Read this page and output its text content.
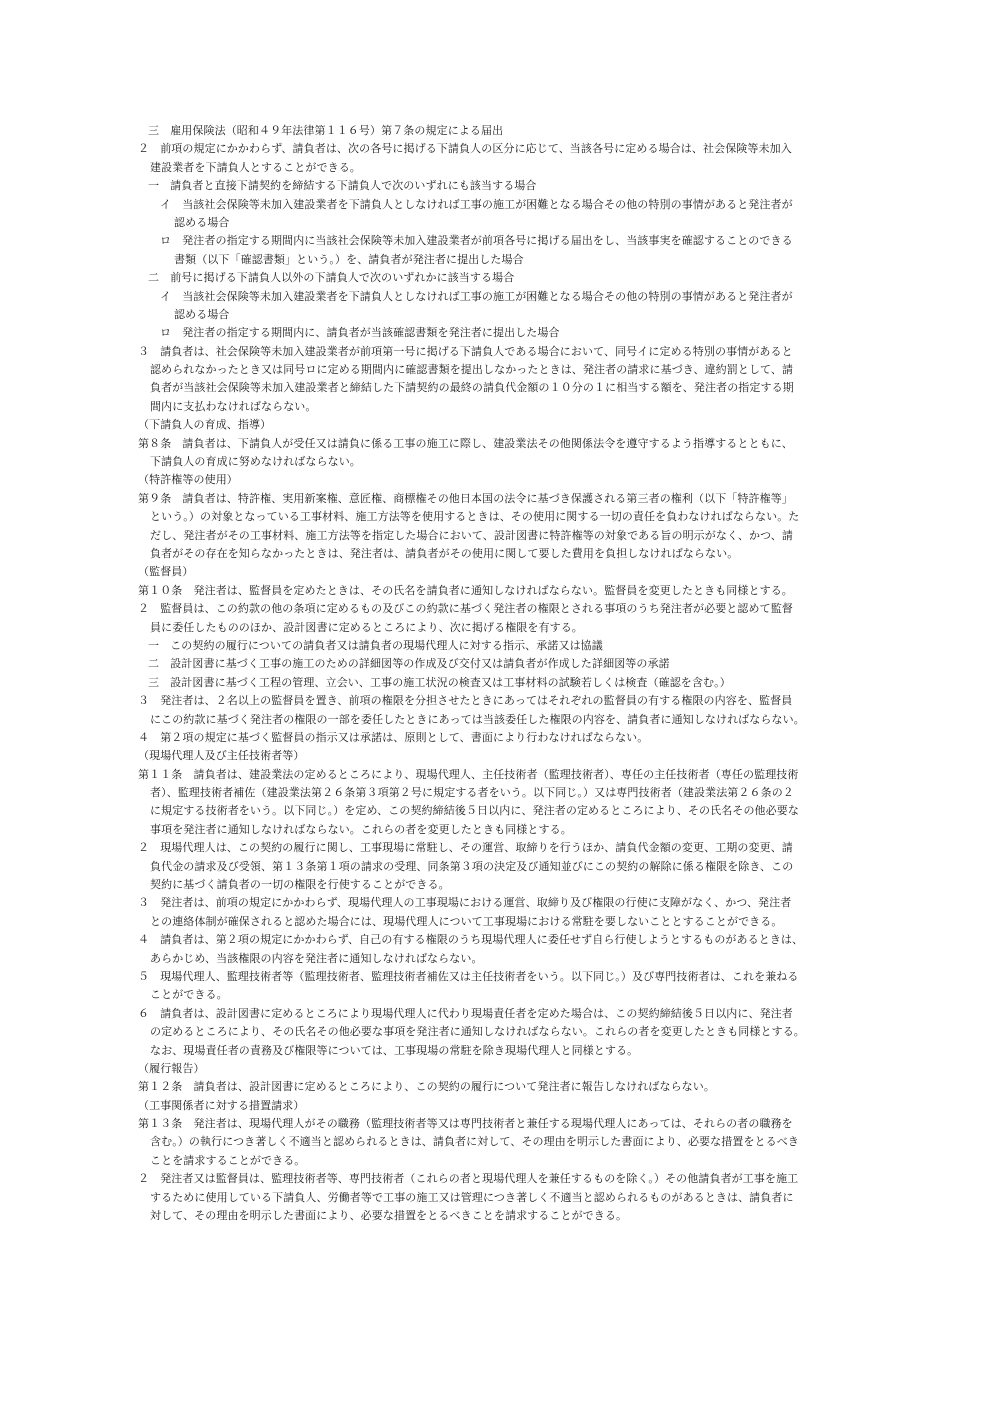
三　雇用保険法（昭和４９年法律第１１６号）第７条の規定による届出
２　前項の規定にかかわらず、請負者は、次の各号に掲げる下請負人の区分に応じて、当該各号に定める場合は、社会保険等未加入
建設業者を下請負人とすることができる。
一　請負者と直接下請契約を締結する下請負人で次のいずれにも該当する場合
イ　当該社会保険等未加入建設業者を下請負人としなければ工事の施工が困難となる場合その他の特別の事情があると発注者が
認める場合
ロ　発注者の指定する期間内に当該社会保険等未加入建設業者が前項各号に掲げる届出をし、当該事実を確認することのできる
書類（以下「確認書類」という。）を、請負者が発注者に提出した場合
二　前号に掲げる下請負人以外の下請負人で次のいずれかに該当する場合
イ　当該社会保険等未加入建設業者を下請負人としなければ工事の施工が困難となる場合その他の特別の事情があると発注者が
認める場合
ロ　発注者の指定する期間内に、請負者が当該確認書類を発注者に提出した場合
３　請負者は、社会保険等未加入建設業者が前項第一号に掲げる下請負人である場合において、同号イに定める特別の事情があると
認められなかったとき又は同号ロに定める期間内に確認書類を提出しなかったときは、発注者の請求に基づき、違約罰として、請
負者が当該社会保険等未加入建設業者と締結した下請契約の最終の請負代金額の１０分の１に相当する額を、発注者の指定する期
間内に支払わなければならない。
（下請負人の育成、指導）
第８条　請負者は、下請負人が受任又は請負に係る工事の施工に際し、建設業法その他関係法令を遵守するよう指導するとともに、
下請負人の育成に努めなければならない。
（特許権等の使用）
第９条　請負者は、特許権、実用新案権、意匠権、商標権その他日本国の法令に基づき保護される第三者の権利（以下「特許権等」
という。）の対象となっている工事材料、施工方法等を使用するときは、その使用に関する一切の責任を負わなければならない。た
だし、発注者がその工事材料、施工方法等を指定した場合において、設計図書に特許権等の対象である旨の明示がなく、かつ、請
負者がその存在を知らなかったときは、発注者は、請負者がその使用に関して要した費用を負担しなければならない。
（監督員）
第１０条　発注者は、監督員を定めたときは、その氏名を請負者に通知しなければならない。監督員を変更したときも同様とする。
２　監督員は、この約款の他の条項に定めるもの及びこの約款に基づく発注者の権限とされる事項のうち発注者が必要と認めて監督
員に委任したもののほか、設計図書に定めるところにより、次に掲げる権限を有する。
一　この契約の履行についての請負者又は請負者の現場代理人に対する指示、承諾又は協議
二　設計図書に基づく工事の施工のための詳細図等の作成及び交付又は請負者が作成した詳細図等の承諾
三　設計図書に基づく工程の管理、立会い、工事の施工状況の検査又は工事材料の試験若しくは検査（確認を含む。）
３　発注者は、２名以上の監督員を置き、前項の権限を分担させたときにあってはそれぞれの監督員の有する権限の内容を、監督員
にこの約款に基づく発注者の権限の一部を委任したときにあっては当該委任した権限の内容を、請負者に通知しなければならない。
４　第２項の規定に基づく監督員の指示又は承諾は、原則として、書面により行わなければならない。
（現場代理人及び主任技術者等）
第１１条　請負者は、建設業法の定めるところにより、現場代理人、主任技術者（監理技術者）、専任の主任技術者（専任の監理技術
者）、監理技術者補佐（建設業法第２６条第３項第２号に規定する者をいう。以下同じ。）又は専門技術者（建設業法第２６条の２
に規定する技術者をいう。以下同じ。）を定め、この契約締結後５日以内に、発注者の定めるところにより、その氏名その他必要な
事項を発注者に通知しなければならない。これらの者を変更したときも同様とする。
２　現場代理人は、この契約の履行に関し、工事現場に常駐し、その運営、取締りを行うほか、請負代金額の変更、工期の変更、請
負代金の請求及び受領、第１３条第１項の請求の受理、同条第３項の決定及び通知並びにこの契約の解除に係る権限を除き、この
契約に基づく請負者の一切の権限を行使することができる。
３　発注者は、前項の規定にかかわらず、現場代理人の工事現場における運営、取締り及び権限の行使に支障がなく、かつ、発注者
との連絡体制が確保されると認めた場合には、現場代理人について工事現場における常駐を要しないこととすることができる。
４　請負者は、第２項の規定にかかわらず、自己の有する権限のうち現場代理人に委任せず自ら行使しようとするものがあるときは、
あらかじめ、当該権限の内容を発注者に通知しなければならない。
５　現場代理人、監理技術者等（監理技術者、監理技術者補佐又は主任技術者をいう。以下同じ。）及び専門技術者は、これを兼ねる
ことができる。
６　請負者は、設計図書に定めるところにより現場代理人に代わり現場責任者を定めた場合は、この契約締結後５日以内に、発注者
の定めるところにより、その氏名その他必要な事項を発注者に通知しなければならない。これらの者を変更したときも同様とする。
なお、現場責任者の責務及び権限等については、工事現場の常駐を除き現場代理人と同様とする。
（履行報告）
第１２条　請負者は、設計図書に定めるところにより、この契約の履行について発注者に報告しなければならない。
（工事関係者に対する措置請求）
第１３条　発注者は、現場代理人がその職務（監理技術者等又は専門技術者と兼任する現場代理人にあっては、それらの者の職務を
含む。）の執行につき著しく不適当と認められるときは、請負者に対して、その理由を明示した書面により、必要な措置をとるべき
ことを請求することができる。
２　発注者又は監督員は、監理技術者等、専門技術者（これらの者と現場代理人を兼任するものを除く。）その他請負者が工事を施工
するために使用している下請負人、労働者等で工事の施工又は管理につき著しく不適当と認められるものがあるときは、請負者に
対して、その理由を明示した書面により、必要な措置をとるべきことを請求することができる。
